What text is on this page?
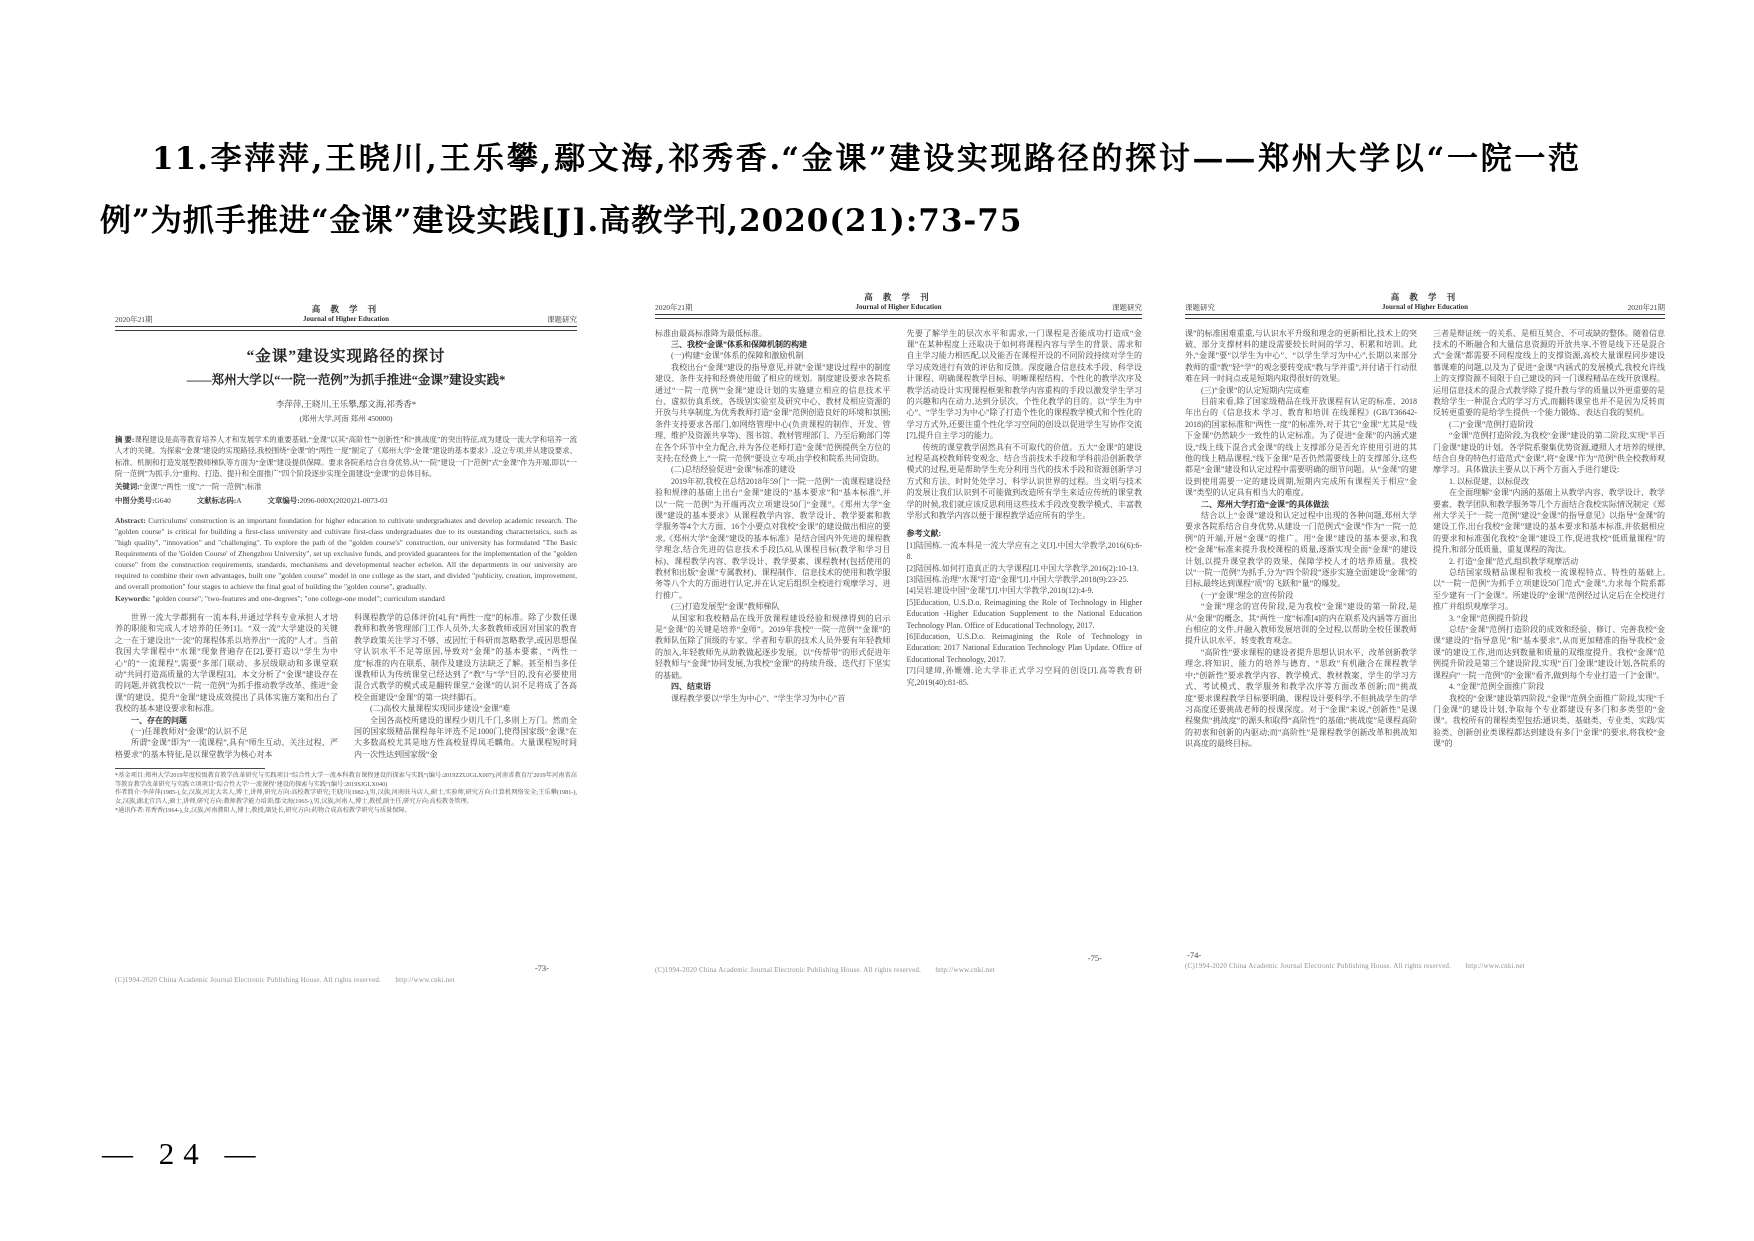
11.李萍萍,王晓川,王乐攀,鄢文海,祁秀香.“金课”建设实现路径的探讨——郑州大学以“一院一范例”为抓手推进“金课”建设实践[J].高教学刊,2020(21):73-75
2020年21期
高 教 学 刊
Journal of Higher Education	课题研究
“金课”建设实现路径的探讨
——郑州大学以“一院一范例”为抓手推进“金课”建设实践*
李萍萍,王晓川,王乐攀,鄢文海,祁秀香*
(郑州大学,河南 郑州 450000)
摘 要:课程建设是高等教育培养人才和发展学术的重要基础,“金课”以其“高阶性”“创新性”和“挑战度”的突出特征,成为建设一流大学和培养一流人才的关键。为探索“金课”建设的实现路径,我校围绕“金课”的“两性一度”制定了《郑州大学“金课”建设的基本要求》,设立专项,并从建设要求、标准、机制和打造发展型教师梯队等方面为“金课”建设提供保障。要求各院系结合自身优势,从“一院”建设一门“范例”式“金课”作为开端,即以“一院一范例”为抓手,分“重构、打造、提升和全面推广”四个阶段逐步实现全面建设“金课”的总体目标。
关键词:“金课”;“两性一度”;“一院一范例”;标准
中图分类号:G640	文献标志码:A	文章编号:2096-000X(2020)21-0073-03
Abstract: Curriculums' construction is an important foundation for higher education to cultivate undergraduates and develop academic research. The "golden course" is critical for building a first-class university and cultivate first-class undergraduates due to its outstanding characteristics, such as "high quality", "innovation" and "challenging". To explore the path of the "golden course's" construction, our university has formulated "The Basic Requirements of the 'Golden Course' of Zhengzhou University", set up exclusive funds, and provided guarantees for the implementation of the "golden course" from the construction requirements, standards, mechanisms and developmental teacher echelon. All the departments in our university are required to combine their own advantages, built one "golden course" model in one college as the start, and divided "publicity, creation, improvement, and overall promotion" four stages to achieve the final goal of building the "golden course", gradually.
Keywords: "golden course"; "two-features and one-degrees"; "one college-one model"; curriculum standard
世界一流大学都拥有一流本科,并通过学科专业承担人才培养的职能和完成人才培养的任务[1]。“双一流”大学建设的关键之一在于建设出“一流”的课程体系以培养出“一流的”人才。当前我国大学课程中“水课”现象普遍存在[2],要打造以“学生为中心”的“一流课程”,需要“多部门联动、多层级联动和多课堂联动”共同打造高质量的大学课程[3]。本文分析了“金课”建设存在的问题,并就我校以“一院一范例”为抓手推动教学改革、推进“金课”的建设、提升“金课”建设成效提出了具体实施方案和出台了我校的基本建设要求和标准。
一、存在的问题
(一)任课教师对“金课”的认识不足
所谓“金课”即为“一流课程”,具有“师生互动、关注过程、严格要求”的基本特征,是以课堂教学为核心对本
科课程教学的总体评价[4],有“两性一度”的标准。除了少数任课教师和教务管理部门工作人员外,大多数教师或因对国家的教育教学政策关注学习不够、或因忙于科研而忽略教学,或因思想保守认识水平不足等原因,导致对“金课”的基本要素、“两性一度”标准的内在联系、制作及建设方法缺乏了解。甚至相当多任课教师认为传统课堂已经达到了“教”与“学”目的,没有必要使用混合式教学的模式或是翻转课堂,“金课”的认识不足将成了各高校全面建设“金课”的第一块绊脚石。
(二)高校大量课程实现同步建设“金课”难
全国各高校所建设的课程少则几千门,多则上万门。然而全国的国家级精品课程每年评选不足1000门,使得国家级“金课”在大多数高校尤其是地方性高校显得凤毛麟角。大量课程短时间内一次性达到国家级“金
*基金项目:郑州大学2019年度校级教育教学改革研究与实践项目“综合性大学一流本科教育课程建设的探索与实践”(编号:2019ZZUJGLX007);河南省教育厅2019年河南省高等教育教学改革研究与实践立项项目“综合性大学‘一流课程’建设的探索与实践”(编号:2019SJGLX040)
作者简介:李萍萍(1985-),女,汉族,河北大名人,博士,讲师,研究方向:高校教学研究;王晓川(1982-),男,汉族,河南驻马店人,硕士,实验师,研究方向:计算机网络安全;王乐攀(1981-),女,汉族,湖北宜昌人,硕士,讲师,研究方向:教师教学能力培训;鄢文海(1965-),男,汉族,河南人,博士,教授,副主任,研究方向:高校教务管理。
*通讯作者:祁秀香(1964-),女,汉族,河南濮阳人,博士,教授,副处长,研究方向:药物合成高校教学研究与质量保障。
(C)1994-2020 China Academic Journal Electronic Publishing House. All rights reserved.　　http://www.cnki.net
-73-
2020年21期
高 教 学 刊
Journal of Higher Education	课题研究
标准由最高标准降为最低标准。
三、我校“金课”体系和保障机制的构建
(一)构建“金课”体系的保障和激励机制
我校出台“金课”建设的指导意见,并就“金课”建设过程中的制度建设、条件支持和经费使用做了相应的规划。制度建设要求各院系通过“一院一范例”“金课”建设计划的实施建立相应的信息技术平台、虚拟仿真系统、各级别实验室及研究中心、教材及相应资源的开放与共享制度,为优秀教师打造“金课”范例创造良好的环境和氛围;条件支持要求各部门,如网络管理中心(负责课程的制作、开发、管理、维护及资源共享等)、图书馆、教材管理部门、乃至后勤部门等在各个环节中全力配合,并为各位老师打造“金课”范例提供全方位的支持;在经费上,“一院一范例”要设立专项,由学校和院系共同资助。
(二)总结经验促进“金课”标准的建设
2019年初,我校在总结2018年59门“一院一范例”一流课程建设经验和规律的基础上出台“金课”建设的“基本要求”和“基本标准”,并以“一院一范例”为开端再次立项建设50门“金课”。《郑州大学“金课”建设的基本要求》从课程教学内容、教学设计、教学要素和教学服务等4个大方面、16个小要点对我校“金课”的建设做出相应的要求,《郑州大学“金课”建设的基本标准》是结合国内外先进的课程教学理念,结合先进的信息技术手段[5,6],从课程目标(教学和学习目标)、课程教学内容、教学设计、教学要素、课程教材(包括使用的教材和出版“金课”专属教材)、课程制作、信息技术的使用和教学服务等八个大的方面进行认定,并在认定后组织全校进行观摩学习、进行推广。
(三)打造发展型“金课”教师梯队
从国家和我校精品在线开放课程建设经验和规律得到的启示是“金课”的关键是培养“金师”。2019年我校“一院一范例”“金课”的教师队伍除了顶级的专家、学者和专职的技术人员外要有年轻教师的加入,年轻教师先从助教做起逐步发展。以“传帮带”的形式促进年轻教师与“金课”协同发展,为我校“金课”的持续升级、迭代打下坚实的基础。
四、结束语
课程教学要以“学生为中心”、“学生学习为中心”首
先要了解学生的层次水平和需求,一门课程是否能成功打造成“金课”在某种程度上还取决于如何将课程内容与学生的背景、需求和自主学习能力相匹配,以及能否在课程开设的不同阶段持续对学生的学习成效进行有效的评估和反馈。深度融合信息技术手段、科学设计课程、明确课程教学目标、明晰课程结构、个性化的教学次序及教学活动设计实现课程框架和教学内容重构的手段以激发学生学习的兴趣和内在动力,达到分层次、个性化教学的目的。以“学生为中心”、“学生学习为中心”除了打造个性化的课程教学模式和个性化的学习方式外,还要注重个性化学习空间的创设以促进学生写协作交流[7],提升自主学习的能力。
传统的课堂教学固然具有不可取代的价值。五大“金课”的建设过程是高校教师转变观念、结合当前技术手段和学科前沿创新教学模式的过程,更是帮助学生充分利用当代的技术手段和资源创新学习方式和方法、时时处处学习、科学认识世界的过程。当文明与技术的发展让我们认识到不可能做到改造所有学生来适应传统的课堂教学的时候,我们就应该反思利用这些技术手段改变教学模式、丰富教学形式和教学内容以便于课程教学适应所有的学生。
参考文献:
[1]陆国栋.一流本科是一流大学应有之义[J].中国大学教学,2016(6):6-8.
[2]陆国栋.如何打造真正的大学课程[J].中国大学教学,2016(2):10-13.
[3]陆国栋.治理“水课”打造“金课”[J].中国大学教学,2018(9):23-25.
[4]吴岩.建设中国“金课”[J].中国大学教学,2018(12):4-9.
[5]Education, U.S.D.o. Reimagining the Role of Technology in Higher Education -Higher Education Supplement to the National Education Technology Plan. Office of Educational Technology, 2017.
[6]Education, U.S.D.o. Reimagining the Role of Technology in Education: 2017 National Education Technology Plan Update. Office of Educational Technology, 2017.
[7]闫建璋,孙姗姗.论大学非正式学习空间的创设[J].高等教育研究,2019(40):81-85.
(C)1994-2020 China Academic Journal Electronic Publishing House. All rights reserved.　　http://www.cnki.net
-75-
课题研究
高 教 学 刊
Journal of Higher Education	2020年21期
课”的标准困难重重,与认识水平升级和理念的更新相比,技术上的突破、部分支撑材料的建设需要较长时间的学习、积累和培训。此外,“金课”要“以学生为中心”、“以学生学习为中心”,长期以来部分教师的重“教”轻“学”的观念要转变成“教与学并重”,并付诸于行动很难在同一时间点或是短期内取得很好的效果。
(三)“金课”的认定短期内完成难
目前来看,除了国家级精品在线开放课程有认定的标准、2018年出台的《信息技术 学习、教育和培训 在线课程》(GB/T36642-2018)的国家标准和“两性一度”的标准外,对于其它“金课”尤其是“线下金课”仍然缺少一致性的认定标准。为了促进“金课”的内涵式建设,“线上线下混合式金课”的线上支撑部分是否允许使用引进的其他的线上精品课程,“线下金课”是否仍然需要线上的支撑部分,这些都是“金课”建设和认定过程中需要明确的细节问题。从“金课”的建设到使用需要一定的建设周期,短期内完成所有课程关于相应“金课”类型的认定具有相当大的难度。
二、郑州大学打造“金课”的具体做法
结合以上“金课”建设和认定过程中出现的各种问题,郑州大学要求各院系结合自身优势,从建设一门范例式“金课”作为“一院一范例”的开端,开展“金课”的推广。用“金课”建设的基本要求,和我校“金课”标准来提升我校课程的质量,逐渐实现全面“金课”的建设计划,以提升课堂教学的效果、保障学校人才的培养质量。我校以“一院一范例”为抓手,分为“四个阶段”逐步实施全面建设“金课”的目标,最终达到课程“质”的飞跃和“量”的爆发。
(一)“金课”理念的宣传阶段
“金课”理念的宣传阶段,是为我校“金课”建设的第一阶段,是从“金课”的概念、其“两性一度”标准[4]的内在联系及内涵等方面出台相应的文件,并融入教师发展培训的全过程,以帮助全校任课教师提升认识水平、转变教育观念。
“高阶性”要求课程的建设者提升思想认识水平、改革创新教学理念,将知识、能力的培养与德育、“思政”有机融合在课程教学中;“创新性”要求教学内容、教学模式、教材教案、学生的学习方式、考试模式、教学服务和教学次序等方面改革创新;而“挑战度”要求课程教学目标要明确、课程设计要科学,不但挑战学生的学习高度还要挑战老师的授课深度。对于“金课”来说,“创新性”是课程聚焦“挑战度”的源头和取得“高阶性”的基础;“挑战度”是课程高阶的初衷和创新的内驱动;而“高阶性”是课程教学创新改革和挑战知识高度的最终目标。
三者是辩证统一的关系、是相互契合、不可或缺的整体。随着信息技术的不断融合和大量信息资源的开放共享,不管是线下还是混合式“金课”都需要不同程度线上的支撑资源,高校大量课程同步建设慕课难的问题,以及为了促进“金课”内涵式的发展模式,我校允许线上的支撑资源不局限于自己建设的同一门课程精品在线开放课程。运用信息技术的混合式教学除了提升教与学的质量以外更重要的是教给学生一种混合式的学习方式,而翻转课堂也并不是因为反转而反转更重要的是给学生提供一个能力锻炼、表达自我的契机。
(二)“金课”范例打造阶段
“金课”范例打造阶段,为我校“金课”建设的第二阶段,实现“半百门金课”建设的计划。各学院系聚集优势资源,遵照人才培养的规律,结合自身的特色打造范式“金课”,将“金课”作为“范例”供全校教师观摩学习。具体做法主要从以下两个方面入手进行建设:
1. 以标促建、以标促改
在全面理解“金课”内涵的基础上从教学内容、教学设计、教学要素、教学团队和教学服务等几个方面结合我校实际情况制定《郑州大学关于“一院一范例”建设“金课”的指导意见》以指导“金课”的建设工作,出台我校“金课”建设的基本要求和基本标准,并依据相应的要求和标准强化我校“金课”建设工作,促进我校“低质量课程”的提升,和部分低质量、重复课程的淘汰。
2. 打造“金课”范式,组织教学观摩活动
总结国家级精品课程和我校一流课程特点、特性的基础上,以“一院一范例”为抓手立项建设50门范式“金课”,力求每个院系都至少建有一门“金课”。所建设的“金课”范例经过认定后在全校进行推广并组织观摩学习。
3. “金课”范例提升阶段
总结“金课”范例打造阶段的成效和经验、修订、完善我校“金课”建设的“指导意见”和“基本要求”,从而更加精准的指导我校“金课”的建设工作,进而达到数量和质量的双维度提升。我校“金课”范例提升阶段是第三个建设阶段,实现“百门金课”建设计划,各院系的课程向“一院一范例”的“金课”看齐,做到每个专业打造一门“金课”。
4. “金课”范例全面推广阶段
我校的“金课”建设第四阶段,“金课”范例全面推广阶段,实现“千门金课”的建设计划,争取每个专业都建设有多门和多类型的“金课”。我校所有的课程类型包括:通识类、基础类、专业类、实践/实验类、创新创业类课程都达到建设有多门“金课”的要求,将我校“金课”的
-74-
(C)1994-2020 China Academic Journal Electronic Publishing House. All rights reserved.　　http://www.cnki.net
— 24 —
